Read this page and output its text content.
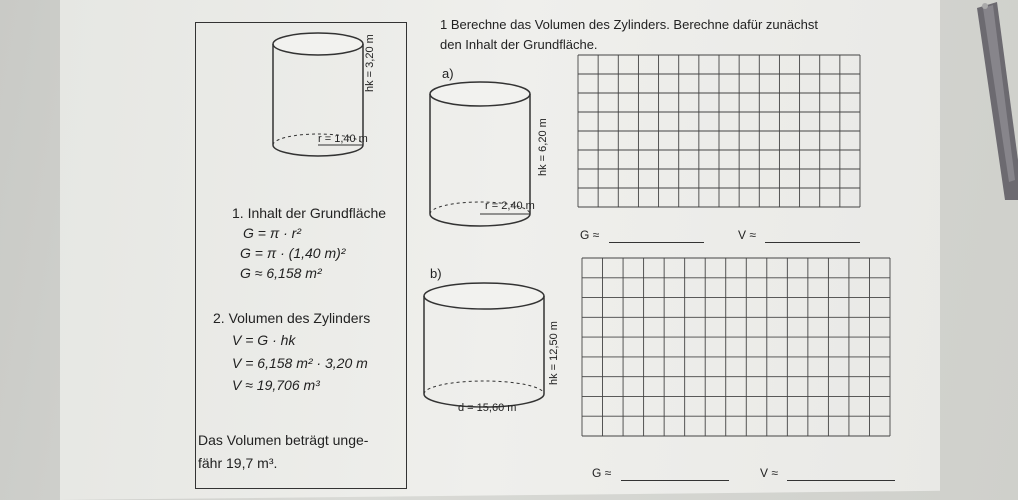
1 Berechne das Volumen des Zylinders. Berechne dafür zunächst
den Inhalt der Grundfläche.
hk = 3,20 m
r = 1,40 m
1. Inhalt der Grundfläche
G = π · r²
G = π · (1,40 m)²
G ≈ 6,158 m²
2. Volumen des Zylinders
V = G · hk
V = 6,158 m² · 3,20 m
V ≈ 19,706 m³
Das Volumen beträgt unge-
fähr 19,7 m³.
a)
hk = 6,20 m
r = 2,40 m
G ≈	V ≈
b)
hk = 12,50 m
d = 15,60 m
G ≈	V ≈
